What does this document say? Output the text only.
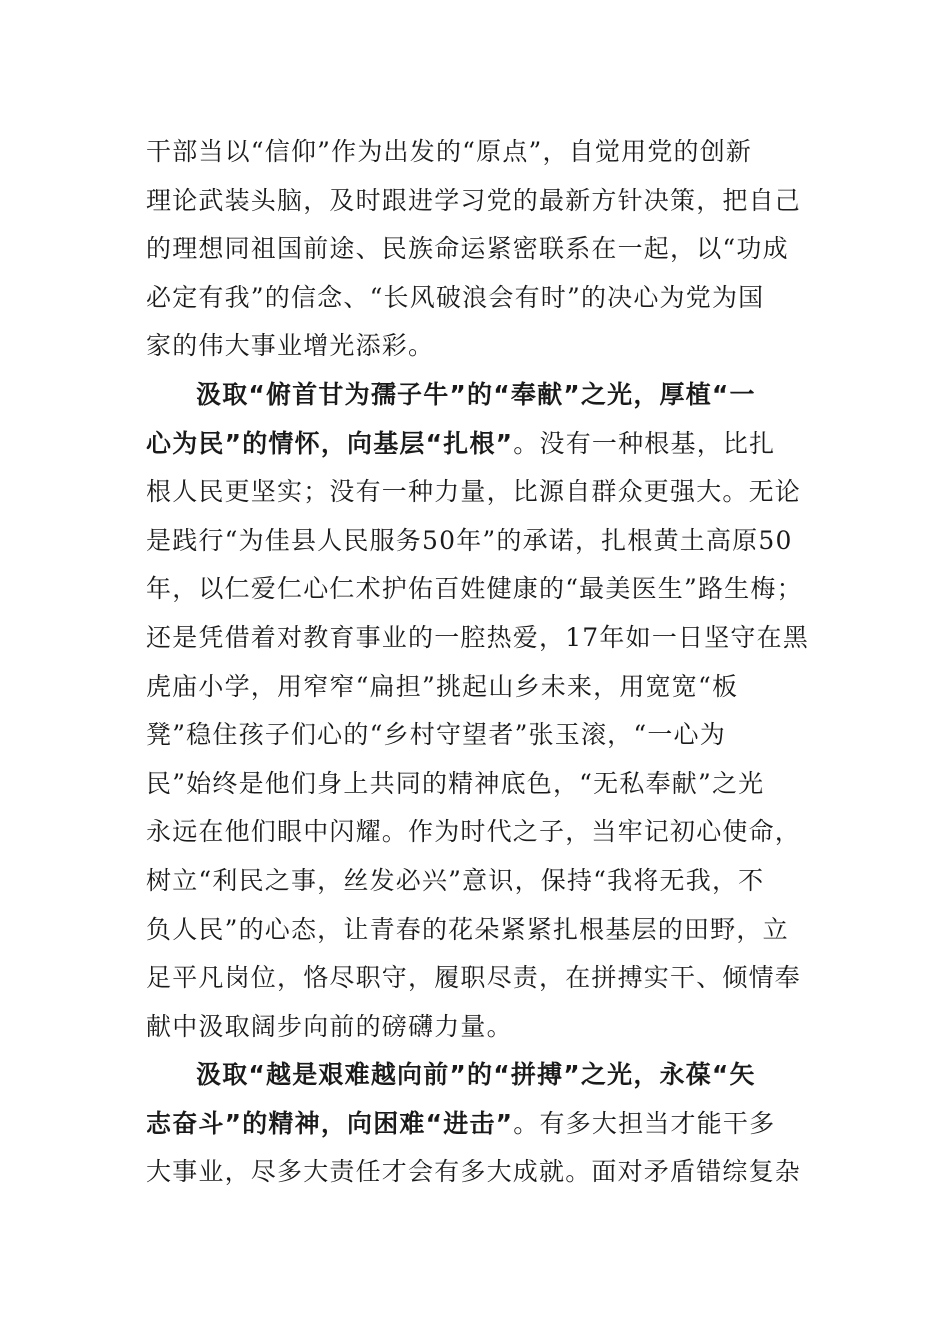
干部当以“信仰”作为出发的“原点”，自觉用党的创新
理论武装头脑，及时跟进学习党的最新方针决策，把自己
的理想同祖国前途、民族命运紧密联系在一起，以“功成
必定有我”的信念、“长风破浪会有时”的决心为党为国
家的伟大事业增光添彩。
汲取“俯首甘为孺子牛”的“奉献”之光，厚植“一
心为民”的情怀，向基层“扎根”。没有一种根基，比扎
根人民更坚实；没有一种力量，比源自群众更强大。无论
是践行“为佳县人民服务50年”的承诺，扎根黄土高原50
年，以仁爱仁心仁术护佑百姓健康的“最美医生”路生梅；
还是凭借着对教育事业的一腔热爱，17年如一日坚守在黑
虎庙小学，用窄窄“扁担”挑起山乡未来，用宽宽“板
凳”稳住孩子们心的“乡村守望者”张玉滚，“一心为
民”始终是他们身上共同的精神底色，“无私奉献”之光
永远在他们眼中闪耀。作为时代之子，当牢记初心使命，
树立“利民之事，丝发必兴”意识，保持“我将无我，不
负人民”的心态，让青春的花朵紧紧扎根基层的田野，立
足平凡岗位，恪尽职守，履职尽责，在拼搏实干、倾情奉
献中汲取阔步向前的磅礴力量。
汲取“越是艰难越向前”的“拼搏”之光，永葆“矢
志奋斗”的精神，向困难“进击”。有多大担当才能干多
大事业，尽多大责任才会有多大成就。面对矛盾错综复杂
